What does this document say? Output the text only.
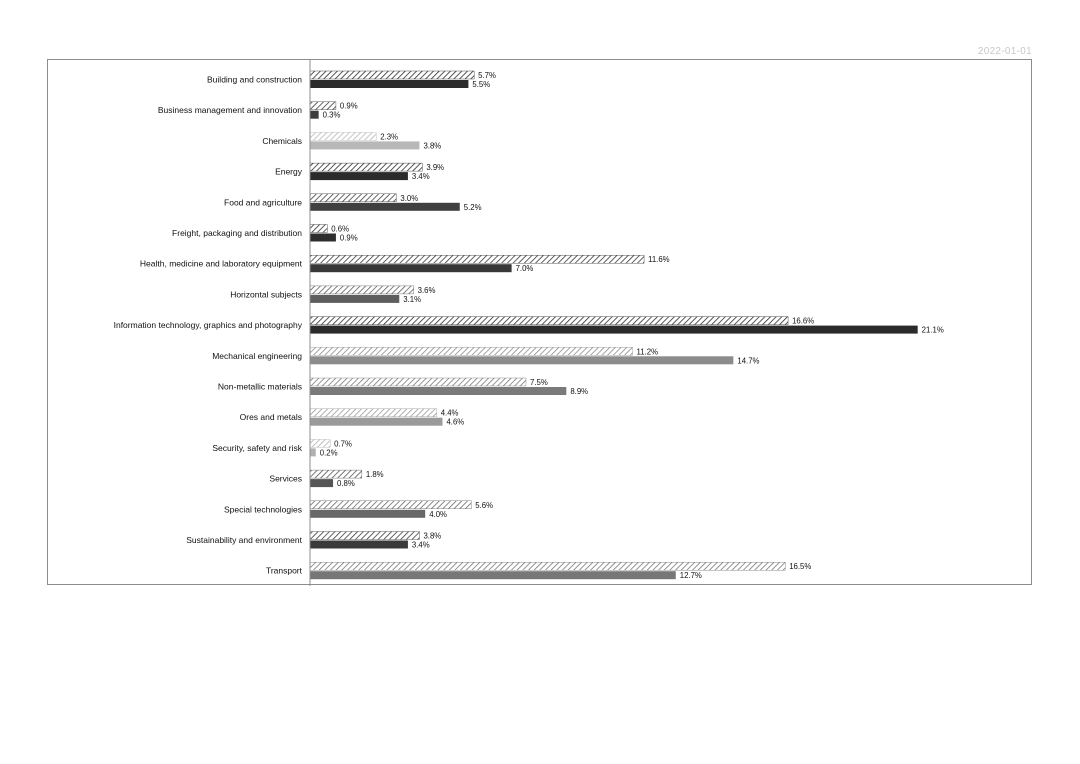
2022-01-01
Building and construction	5.7%
5.5%
Business management and innovation	0.9%
0.3%
Chemicals	2.3%
3.8%
Energy	3.9%
3.4%
Food and agriculture	3.0%
5.2%
Freight, packaging and distribution	0.6%
0.9%
Health, medicine and laboratory equipment	11.6%
7.0%
Horizontal subjects	3.6%
3.1%
Information technology, graphics and photography	16.6%
21.1%
Mechanical engineering	11.2%
14.7%
Non-metallic materials	7.5%
8.9%
Ores and metals	4.4%
4.6%
Security, safety and risk	0.7%
0.2%
Services	1.8%
0.8%
Special technologies	5.6%
4.0%
Sustainability and environment	3.8%
3.4%
Transport	16.5%
12.7%
